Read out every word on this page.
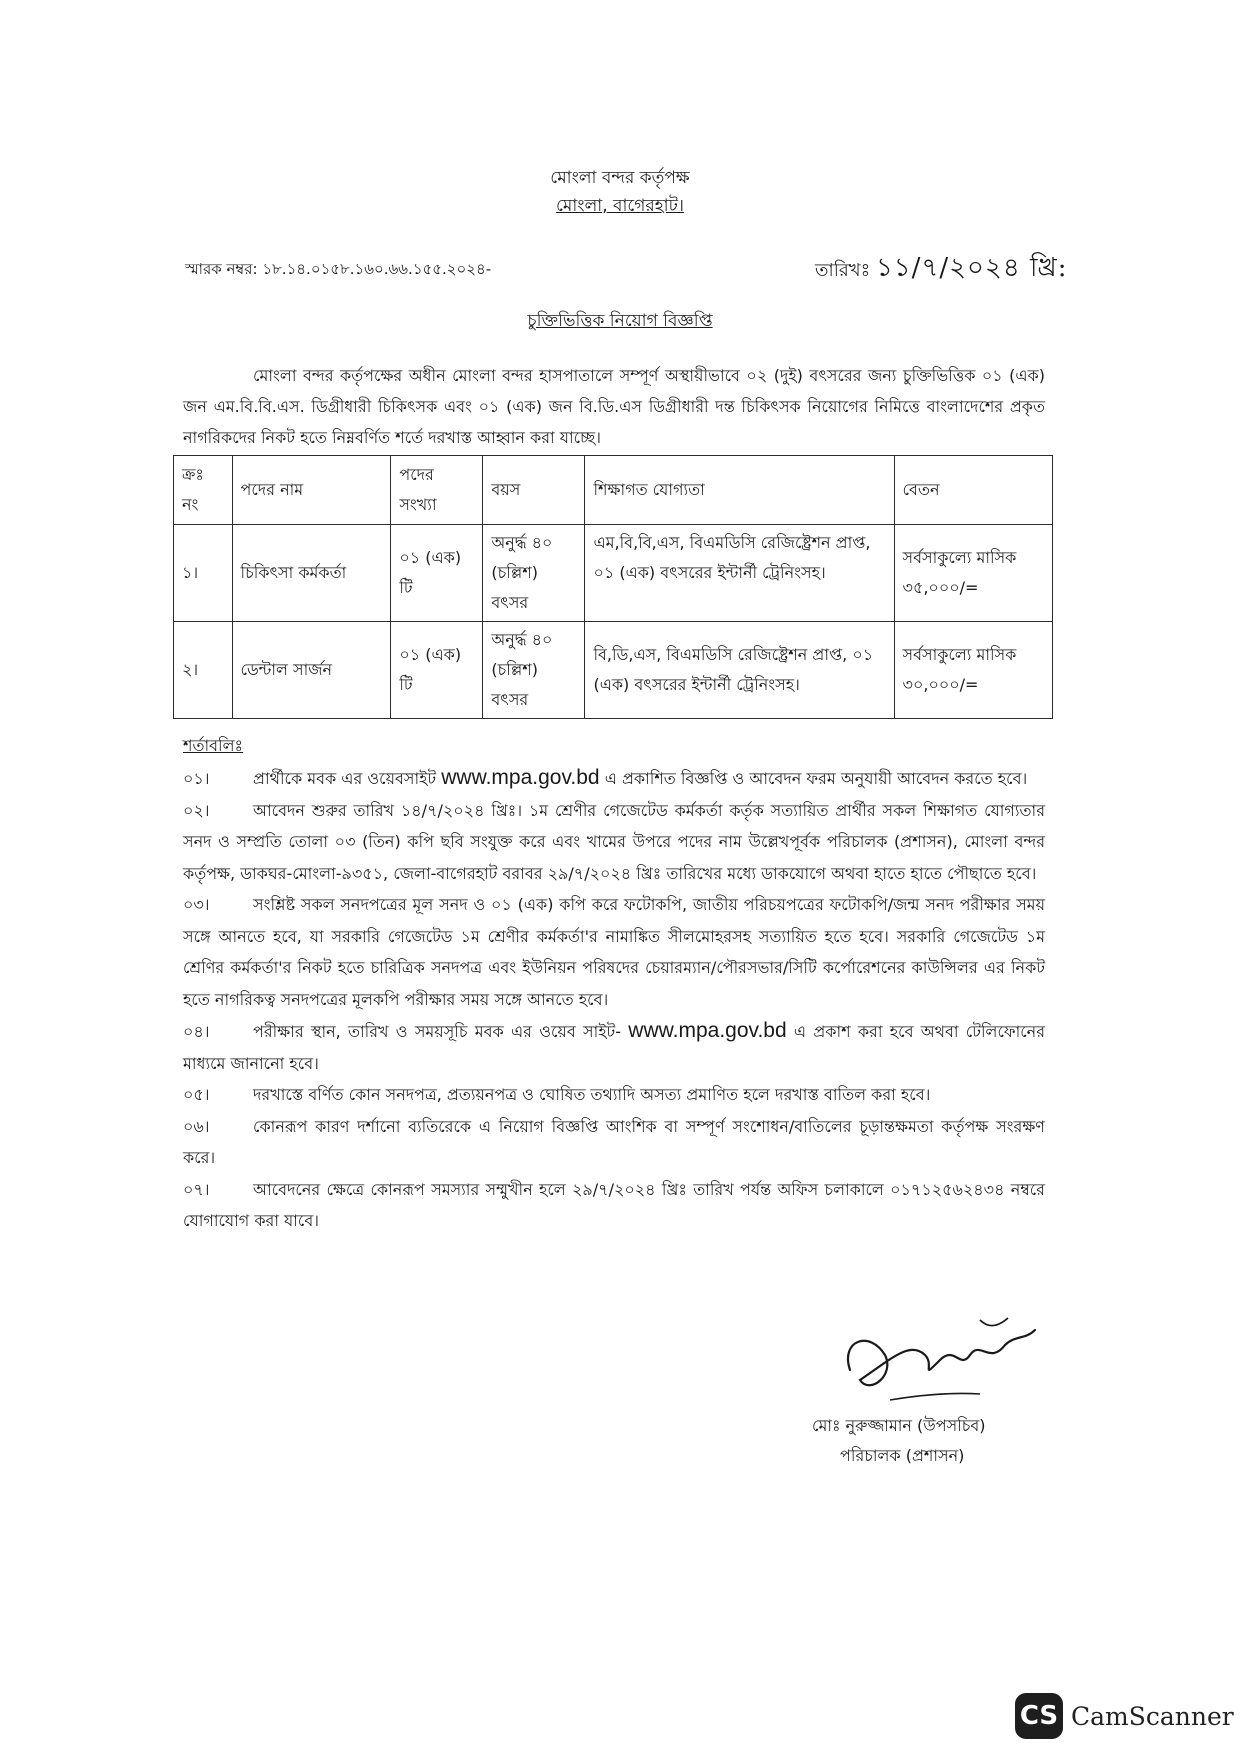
মোংলা বন্দর কর্তৃপক্ষ
মোংলা, বাগেরহাট।
স্মারক নম্বর: ১৮.১৪.০১৫৮.১৬০.৬৬.১৫৫.২০২৪-	তারিখঃ ১১/৭/২০২৪ খ্রি:
চুক্তিভিত্তিক নিয়োগ বিজ্ঞপ্তি

মোংলা বন্দর কর্তৃপক্ষের অধীন মোংলা বন্দর হাসপাতালে সম্পূর্ণ অস্থায়ীভাবে ০২ (দুই) বৎসরের জন্য চুক্তিভিত্তিক ০১ (এক) জন এম.বি.বি.এস. ডিগ্রীধারী চিকিৎসক এবং ০১ (এক) জন বি.ডি.এস ডিগ্রীধারী দন্ত চিকিৎসক নিয়োগের নিমিত্তে বাংলাদেশের প্রকৃত নাগরিকদের নিকট হতে নিম্নবর্ণিত শর্তে দরখাস্ত আহ্বান করা যাচ্ছে।

ক্রঃ নং	পদের নাম	পদের সংখ্যা	বয়স	শিক্ষাগত যোগ্যতা	বেতন
১।	চিকিৎসা কর্মকর্তা	০১ (এক) টি	অনুর্দ্ধ ৪০ (চল্লিশ) বৎসর	এম,বি,বি,এস, বিএমডিসি রেজিষ্ট্রেশন প্রাপ্ত, ০১ (এক) বৎসরের ইন্টার্নী ট্রেনিংসহ।	সর্বসাকুল্যে মাসিক ৩৫,০০০/=
২।	ডেন্টাল সার্জন	০১ (এক) টি	অনুর্দ্ধ ৪০ (চল্লিশ) বৎসর	বি,ডি,এস, বিএমডিসি রেজিষ্ট্রেশন প্রাপ্ত, ০১ (এক) বৎসরের ইন্টার্নী ট্রেনিংসহ।	সর্বসাকুল্যে মাসিক ৩০,০০০/=
শর্তাবলিঃ

০১।	প্রার্থীকে মবক এর ওয়েবসাইট www.mpa.gov.bd এ প্রকাশিত বিজ্ঞপ্তি ও আবেদন ফরম অনুযায়ী আবেদন করতে হবে।

০২।	আবেদন শুরুর তারিখ ১৪/৭/২০২৪ খ্রিঃ। ১ম শ্রেণীর গেজেটেড কর্মকর্তা কর্তৃক সত্যায়িত প্রার্থীর সকল শিক্ষাগত যোগ্যতার সনদ ও সম্প্রতি তোলা ০৩ (তিন) কপি ছবি সংযুক্ত করে এবং খামের উপরে পদের নাম উল্লেখপূর্বক পরিচালক (প্রশাসন), মোংলা বন্দর কর্তৃপক্ষ, ডাকঘর-মোংলা-৯৩৫১, জেলা-বাগেরহাট বরাবর ২৯/৭/২০২৪ খ্রিঃ তারিখের মধ্যে ডাকযোগে অথবা হাতে হাতে পৌছাতে হবে।

০৩।	সংশ্লিষ্ট সকল সনদপত্রের মূল সনদ ও ০১ (এক) কপি করে ফটোকপি, জাতীয় পরিচয়পত্রের ফটোকপি/জন্ম সনদ পরীক্ষার সময় সঙ্গে আনতে হবে, যা সরকারি গেজেটেড ১ম শ্রেণীর কর্মকর্তা'র নামাঙ্কিত সীলমোহরসহ সত্যায়িত হতে হবে। সরকারি গেজেটেড ১ম শ্রেণির কর্মকর্তা'র নিকট হতে চারিত্রিক সনদপত্র এবং ইউনিয়ন পরিষদের চেয়ারম্যান/পৌরসভার/সিটি কর্পোরেশনের কাউন্সিলর এর নিকট হতে নাগরিকত্ব সনদপত্রের মূলকপি পরীক্ষার সময় সঙ্গে আনতে হবে।

০৪।	পরীক্ষার স্থান, তারিখ ও সময়সূচি মবক এর ওয়েব সাইট- www.mpa.gov.bd এ প্রকাশ করা হবে অথবা টেলিফোনের মাধ্যমে জানানো হবে।

০৫।	দরখাস্তে বর্ণিত কোন সনদপত্র, প্রত্যয়নপত্র ও ঘোষিত তথ্যাদি অসত্য প্রমাণিত হলে দরখাস্ত বাতিল করা হবে।

০৬।	কোনরূপ কারণ দর্শানো ব্যতিরেকে এ নিয়োগ বিজ্ঞপ্তি আংশিক বা সম্পূর্ণ সংশোধন/বাতিলের চূড়ান্তক্ষমতা কর্তৃপক্ষ সংরক্ষণ করে।

০৭।	আবেদনের ক্ষেত্রে কোনরূপ সমস্যার সম্মুখীন হলে ২৯/৭/২০২৪ খ্রিঃ তারিখ পর্যন্ত অফিস চলাকালে ০১৭১২৫৬২৪৩৪ নম্বরে যোগাযোগ করা যাবে।

মোঃ নুরুজ্জামান (উপসচিব)
পরিচালক (প্রশাসন)
CS CamScanner
